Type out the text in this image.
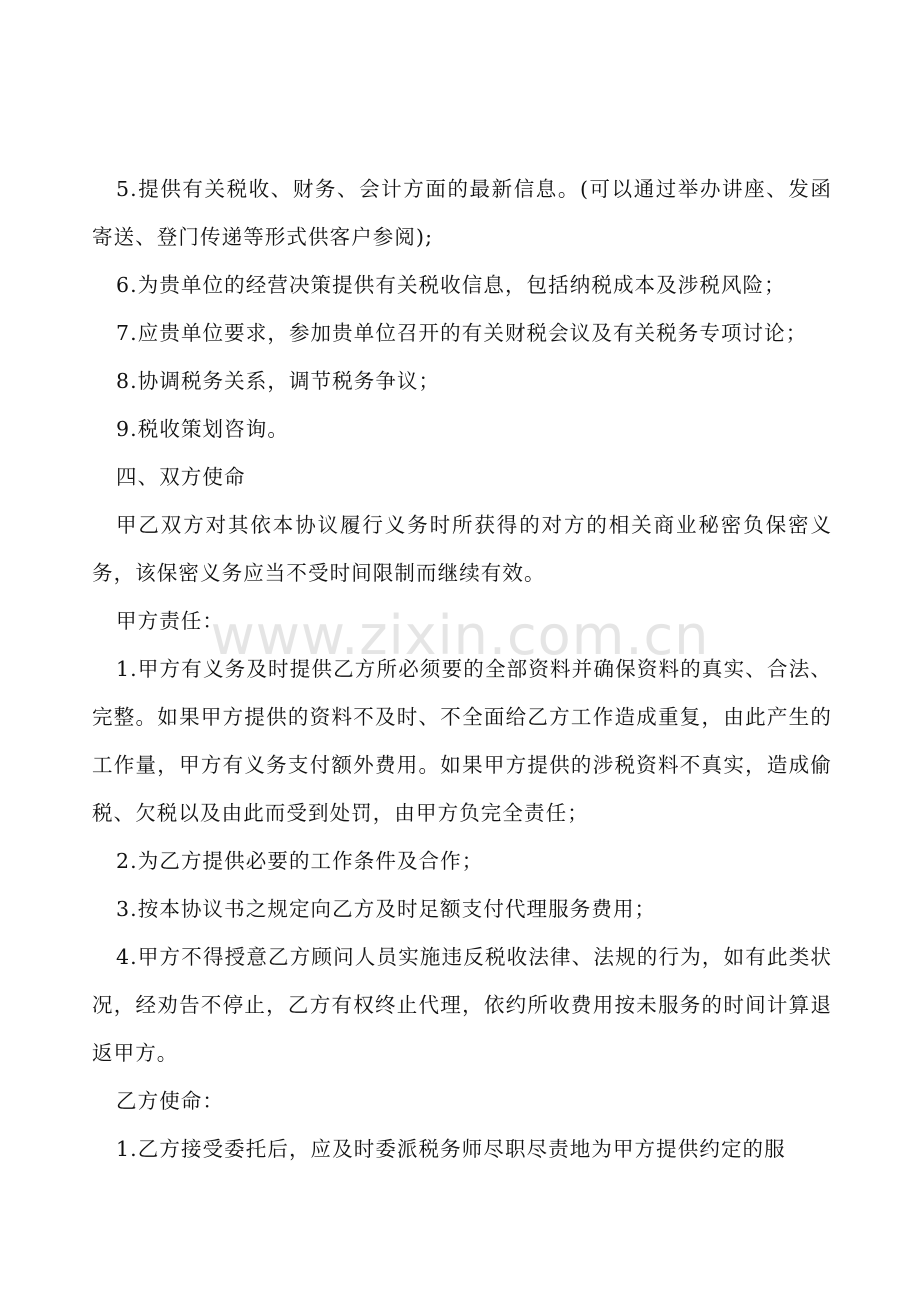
5.提供有关税收、财务、会计方面的最新信息。(可以通过举办讲座、发函寄送、登门传递等形式供客户参阅);

6.为贵单位的经营决策提供有关税收信息，包括纳税成本及涉税风险；

7.应贵单位要求，参加贵单位召开的有关财税会议及有关税务专项讨论；

8.协调税务关系，调节税务争议；

9.税收策划咨询。

四、双方使命

甲乙双方对其依本协议履行义务时所获得的对方的相关商业秘密负保密义务，该保密义务应当不受时间限制而继续有效。

甲方责任：

1.甲方有义务及时提供乙方所必须要的全部资料并确保资料的真实、合法、完整。如果甲方提供的资料不及时、不全面给乙方工作造成重复，由此产生的工作量，甲方有义务支付额外费用。如果甲方提供的涉税资料不真实，造成偷税、欠税以及由此而受到处罚，由甲方负完全责任；

2.为乙方提供必要的工作条件及合作；

3.按本协议书之规定向乙方及时足额支付代理服务费用；

4.甲方不得授意乙方顾问人员实施违反税收法律、法规的行为，如有此类状况，经劝告不停止，乙方有权终止代理，依约所收费用按未服务的时间计算退返甲方。

乙方使命：

1.乙方接受委托后，应及时委派税务师尽职尽责地为甲方提供约定的服

www.zixin.com.cn
